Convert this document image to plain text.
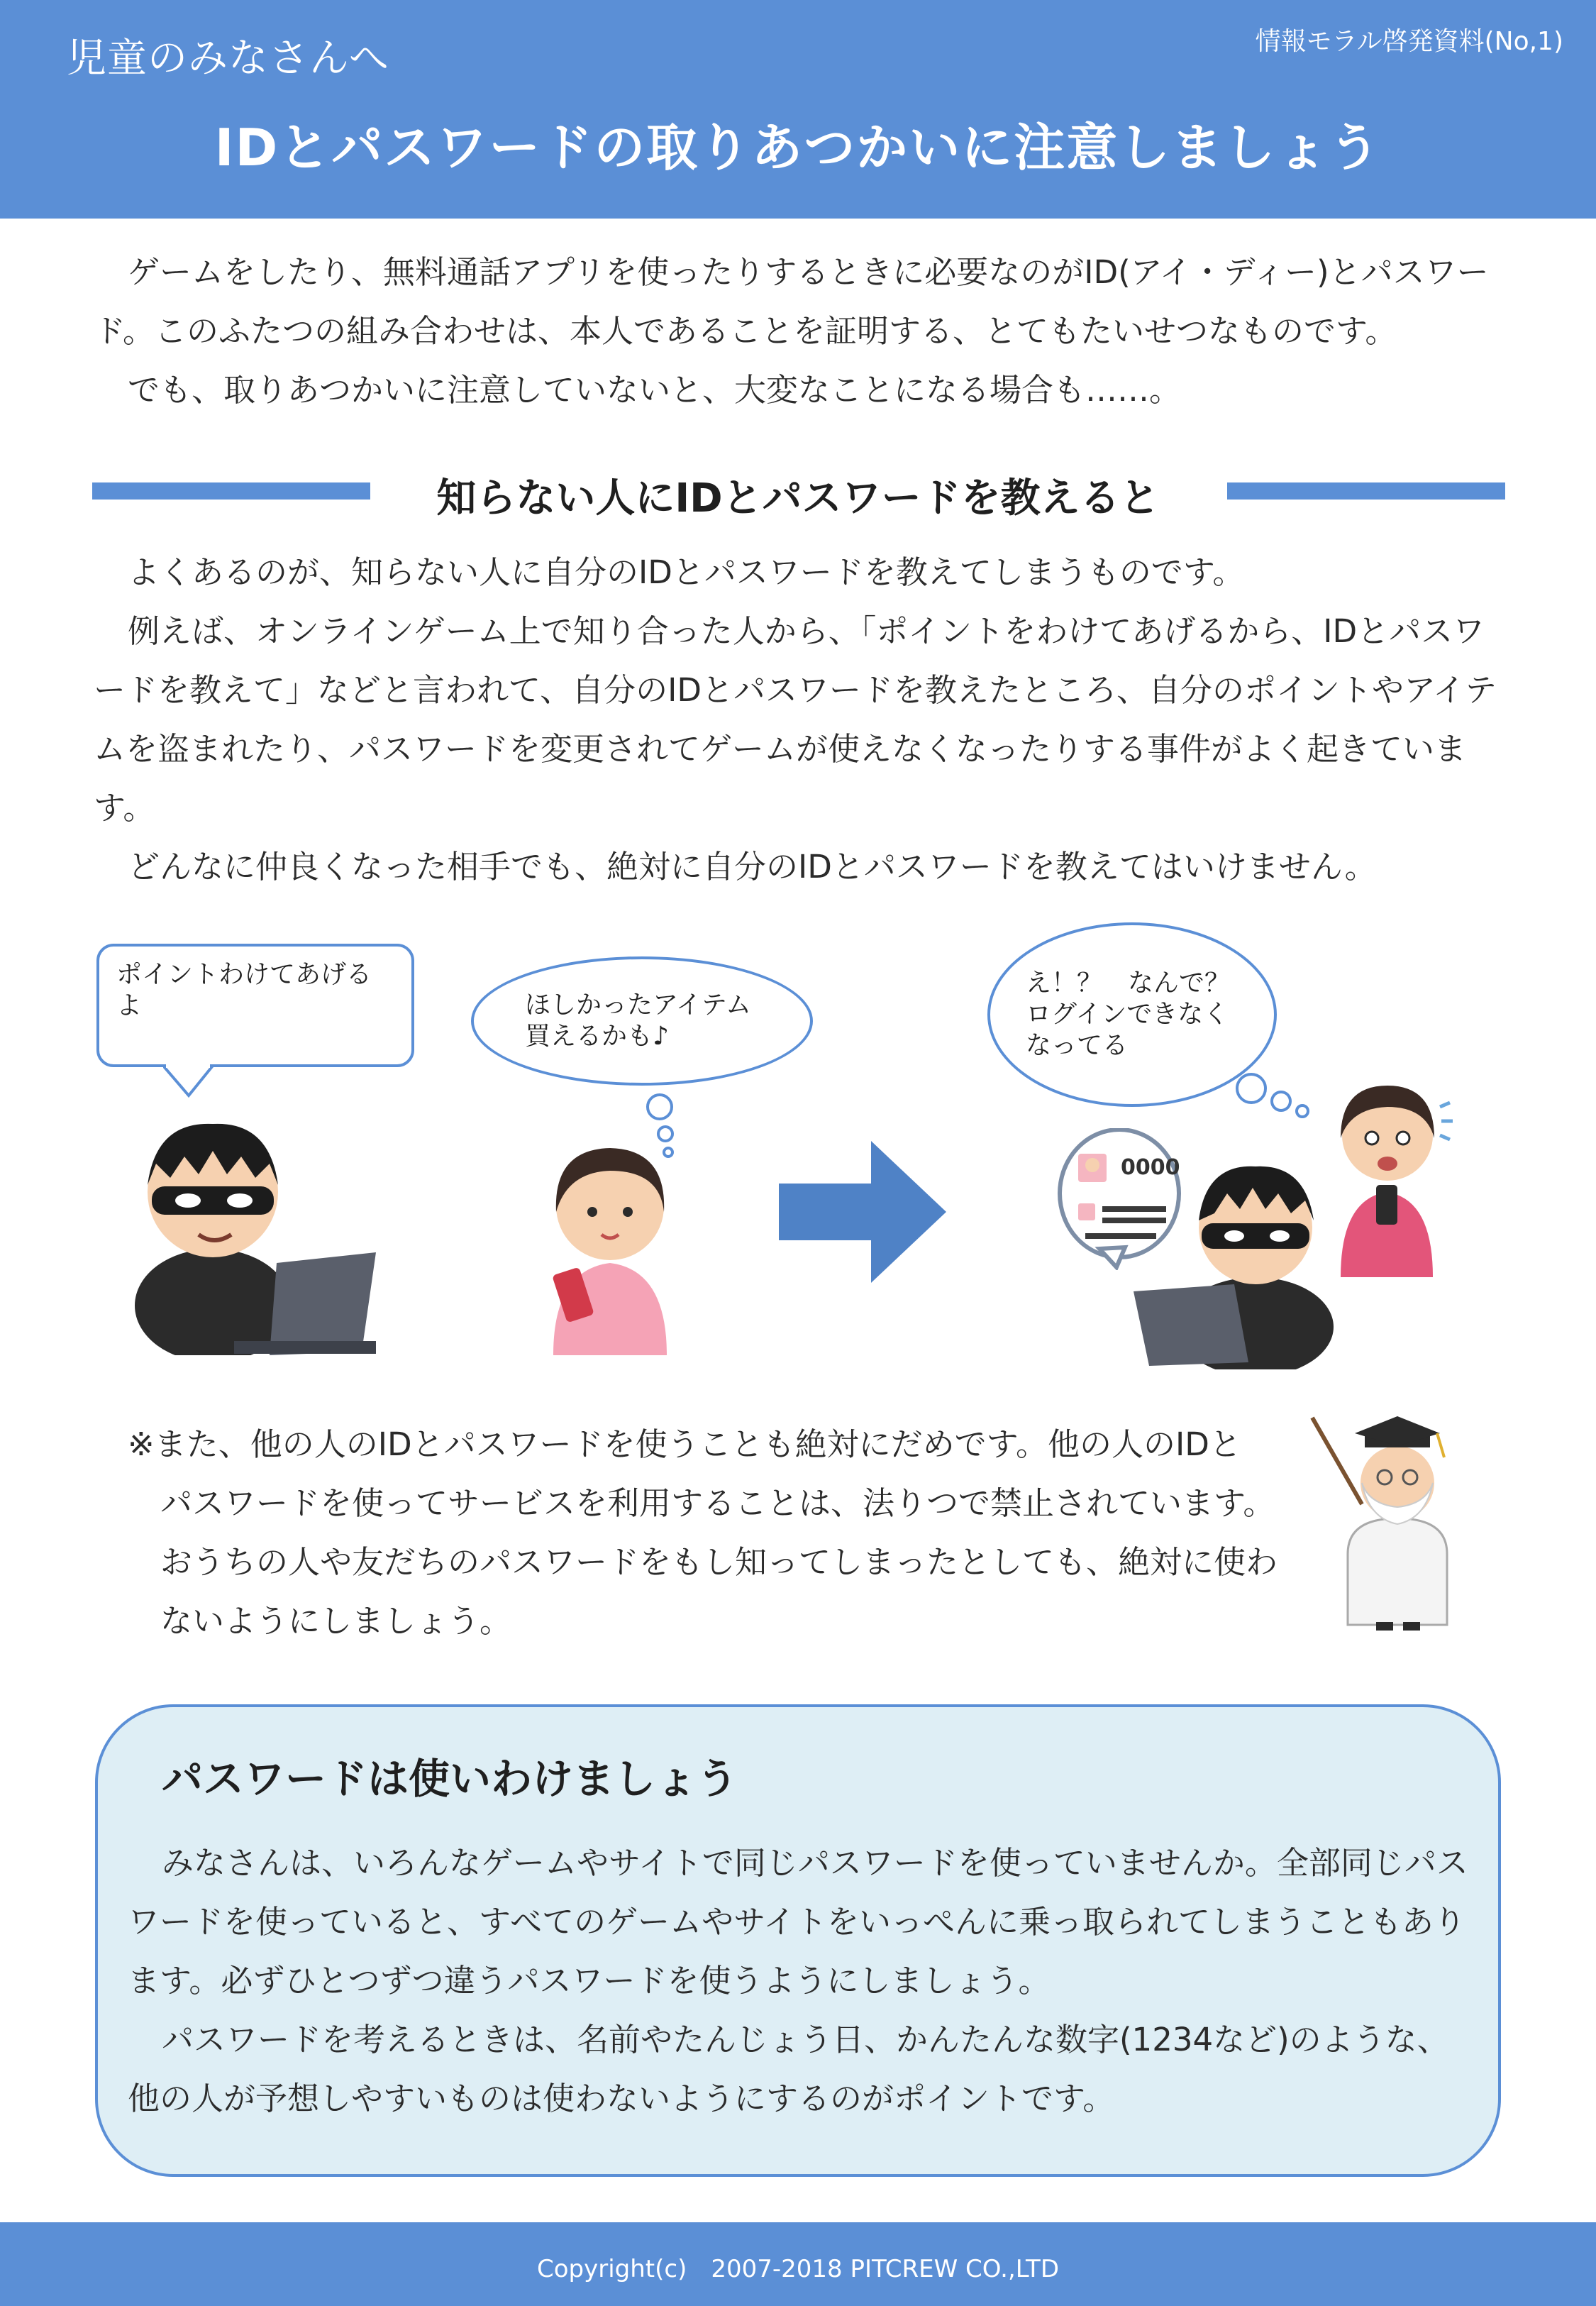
児童のみなさんへ	情報モラル啓発資料(No,1)
IDとパスワードの取りあつかいに注意しましょう

ゲームをしたり、無料通話アプリを使ったりするときに必要なのがID(アイ・ディー)とパスワード。このふたつの組み合わせは、本人であることを証明する、とてもたいせつなものです。

でも、取りあつかいに注意していないと、大変なことになる場合も……。

知らない人にIDとパスワードを教えると

よくあるのが、知らない人に自分のIDとパスワードを教えてしまうものです。

例えば、オンラインゲーム上で知り合った人から、「ポイントをわけてあげるから、IDとパスワードを教えて」などと言われて、自分のIDとパスワードを教えたところ、自分のポイントやアイテムを盗まれたり、パスワードを変更されてゲームが使えなくなったりする事件がよく起きています。

どんなに仲良くなった相手でも、絶対に自分のIDとパスワードを教えてはいけません。

ポイントわけてあげるよ	ほしかったアイテム買えるかも♪
え！？　なんで？ログインできなくなってる
0000
※また、他の人のIDとパスワードを使うことも絶対にだめです。他の人のIDと
パスワードを使ってサービスを利用することは、法りつで禁止されています。おうちの人や友だちのパスワードをもし知ってしまったとしても、絶対に使わないようにしましょう。
パスワードは使いわけましょう

みなさんは、いろんなゲームやサイトで同じパスワードを使っていませんか。全部同じパスワードを使っていると、すべてのゲームやサイトをいっぺんに乗っ取られてしまうこともあります。必ずひとつずつ違うパスワードを使うようにしましょう。

パスワードを考えるときは、名前やたんじょう日、かんたんな数字(1234など)のような、他の人が予想しやすいものは使わないようにするのがポイントです。

Copyright(c)　2007-2018 PITCREW CO.,LTD
